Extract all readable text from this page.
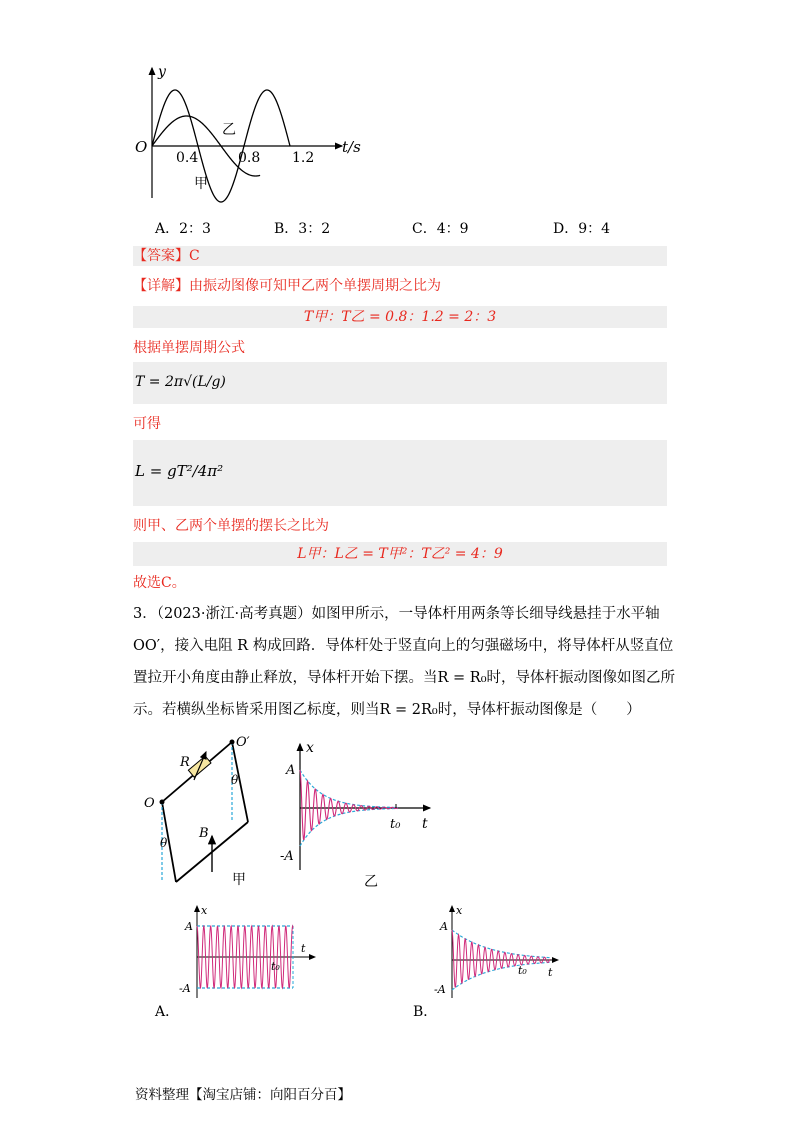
y
O	t/s
0.4	0.8 1.2
乙
甲
A．2：3	B．3：2	C．4：9	D．9：4
【答案】C
【详解】由振动图像可知甲乙两个单摆周期之比为
T甲：T乙 = 0.8：1.2 = 2：3
根据单摆周期公式
T = 2π√(L/g)
可得
L = gT²/4π²
则甲、乙两个单摆的摆长之比为
L甲：L乙 = T甲²：T乙² = 4：9
故选C。
3．（2023·浙江·高考真题）如图甲所示，一导体杆用两条等长细导线悬挂于水平轴
OO′，接入电阻 R 构成回路．导体杆处于竖直向上的匀强磁场中，将导体杆从竖直位
置拉开小角度由静止释放，导体杆开始下摆。当R = R₀时，导体杆振动图像如图乙所
示。若横纵坐标皆采用图乙标度，则当R = 2R₀时，导体杆振动图像是（　　）
O
O′
R
θ
θ
B
甲
x
A
-A
t₀ t
乙
x
A
-A
t
t₀
A．
x
A
-A
t
t₀
B．
资料整理【淘宝店铺：向阳百分百】
